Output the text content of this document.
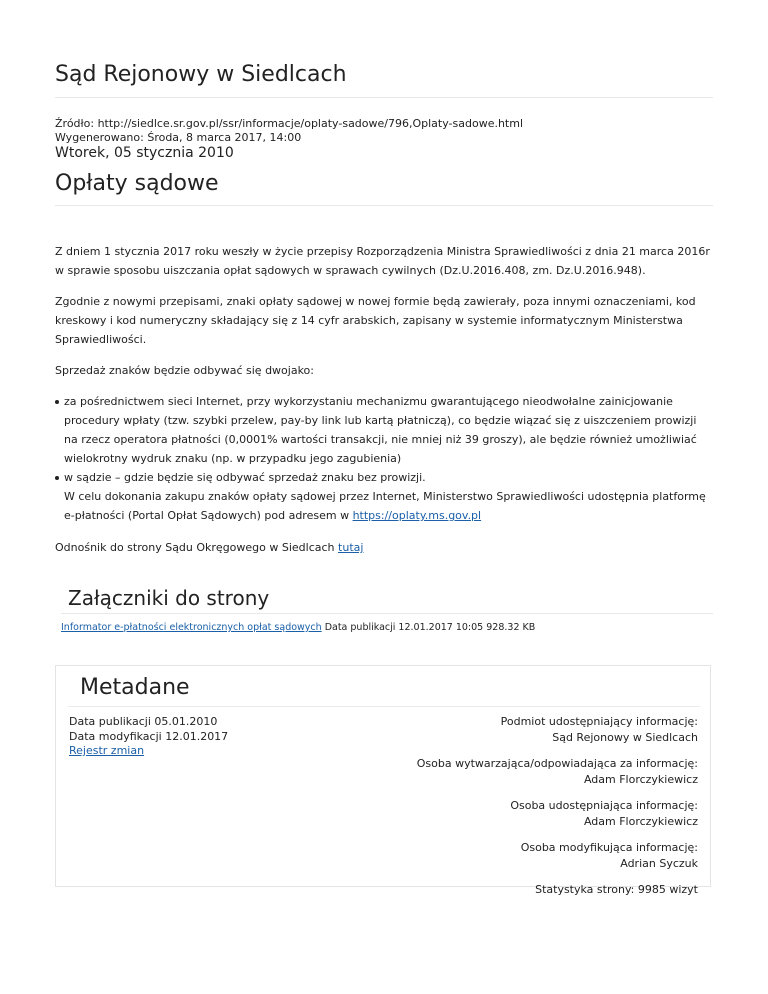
Sąd Rejonowy w Siedlcach
Źródło: http://siedlce.sr.gov.pl/ssr/informacje/oplaty-sadowe/796,Oplaty-sadowe.html
Wygenerowano: Środa, 8 marca 2017, 14:00
Wtorek, 05 stycznia 2010
Opłaty sądowe

Z dniem 1 stycznia 2017 roku weszły w życie przepisy Rozporządzenia Ministra Sprawiedliwości z dnia 21 marca 2016r w sprawie sposobu uiszczania opłat sądowych w sprawach cywilnych (Dz.U.2016.408, zm. Dz.U.2016.948).

Zgodnie z nowymi przepisami, znaki opłaty sądowej w nowej formie będą zawierały, poza innymi oznaczeniami, kod kreskowy i kod numeryczny składający się z 14 cyfr arabskich, zapisany w systemie informatycznym Ministerstwa Sprawiedliwości.

Sprzedaż znaków będzie odbywać się dwojako:

za pośrednictwem sieci Internet, przy wykorzystaniu mechanizmu gwarantującego nieodwołalne zainicjowanie procedury wpłaty (tzw. szybki przelew, pay-by link lub kartą płatniczą), co będzie wiązać się z uiszczeniem prowizji na rzecz operatora płatności (0,0001% wartości transakcji, nie mniej niż 39 groszy), ale będzie również umożliwiać wielokrotny wydruk znaku (np. w przypadku jego zagubienia)
w sądzie – gdzie będzie się odbywać sprzedaż znaku bez prowizji.
W celu dokonania zakupu znaków opłaty sądowej przez Internet, Ministerstwo Sprawiedliwości udostępnia platformę e-płatności (Portal Opłat Sądowych) pod adresem w https://oplaty.ms.gov.pl
Odnośnik do strony Sądu Okręgowego w Siedlcach tutaj
Załączniki do strony
Informator e-płatności elektronicznych opłat sądowych Data publikacji 12.01.2017 10:05 928.32 KB
Metadane
Data publikacji 05.01.2010
Data modyfikacji 12.01.2017
Rejestr zmian
Podmiot udostępniający informację:
Sąd Rejonowy w Siedlcach
Osoba wytwarzająca/odpowiadająca za informację:
Adam Florczykiewicz
Osoba udostępniająca informację:
Adam Florczykiewicz
Osoba modyfikująca informację:
Adrian Syczuk
Statystyka strony: 9985 wizyt
